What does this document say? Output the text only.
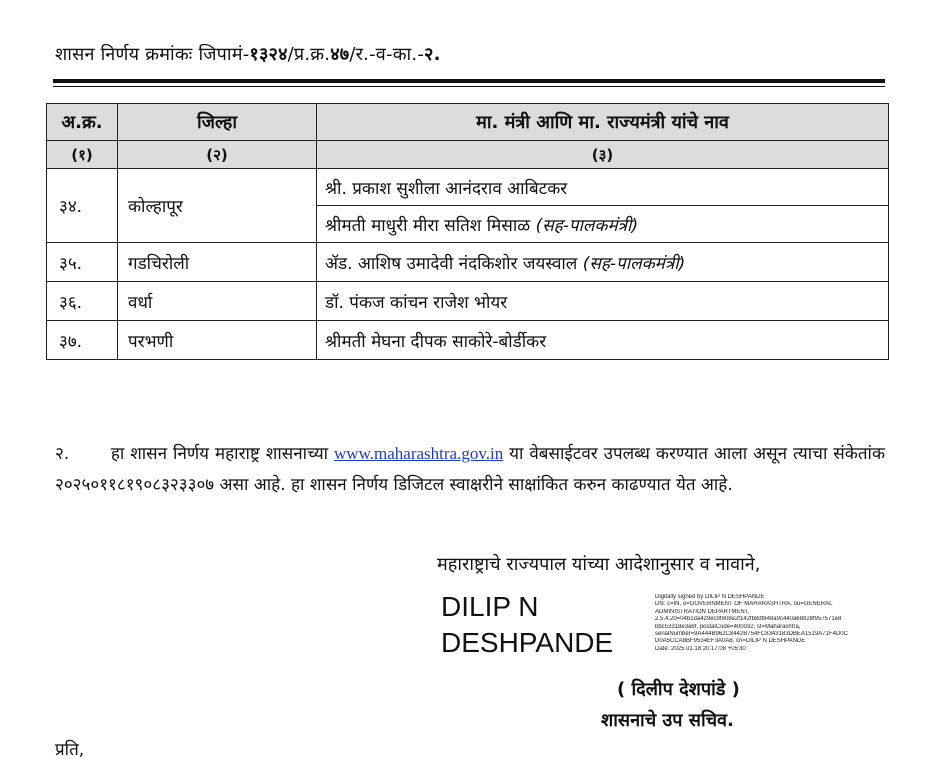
शासन निर्णय क्रमांकः जिपामं-१३२४/प्र.क्र.४७/र.-व-का.-२.
अ.क्र.	जिल्हा	मा. मंत्री आणि मा. राज्यमंत्री यांचे नाव
(१)	(२)	(३)
३४.	कोल्हापूर	श्री. प्रकाश सुशीला आनंदराव आबिटकर
		श्रीमती माधुरी मीरा सतिश मिसाळ (सह-पालकमंत्री)
३५.	गडचिरोली	ॲड. आशिष उमादेवी नंदकिशोर जयस्वाल (सह-पालकमंत्री)
३६.	वर्धा	डॉ. पंकज कांचन राजेश भोयर
३७.	परभणी	श्रीमती मेघना दीपक साकोरे-बोर्डीकर
२. हा शासन निर्णय महाराष्ट्र शासनाच्या www.maharashtra.gov.in या वेबसाईटवर उपलब्ध करण्यात आला असून त्याचा संकेतांक २०२५०११८१९०८३२३३०७ असा आहे. हा शासन निर्णय डिजिटल स्वाक्षरीने साक्षांकित करुन काढण्यात येत आहे.
महाराष्ट्राचे राज्यपाल यांच्या आदेशानुसार व नावाने,
DILIP N
DESHPANDE
Digitally signed by DILIP N DESHPANDE
DN: c=IN, o=GOVERNMENT OF MAHARASHTRA, ou=GENERAL
ADMINISTRATION DEPARTMENT,
2.5.4.20=04b1da429ec9f808e2f142fb8df848a9c440a68828f957571e8
bbc53318e3a6f, postalCode=400032, st=Maharashtra,
serialNumber=9A444B962C8442B754FC8343183DBEA1519A71F4D0C
D0A5CCA8BF9534EF3A0A8, cn=DILIP N DESHPANDE
Date: 2025.01.18 20:17:08 +05'30'
( दिलीप देशपांडे )
शासनाचे उप सचिव.
प्रति,
